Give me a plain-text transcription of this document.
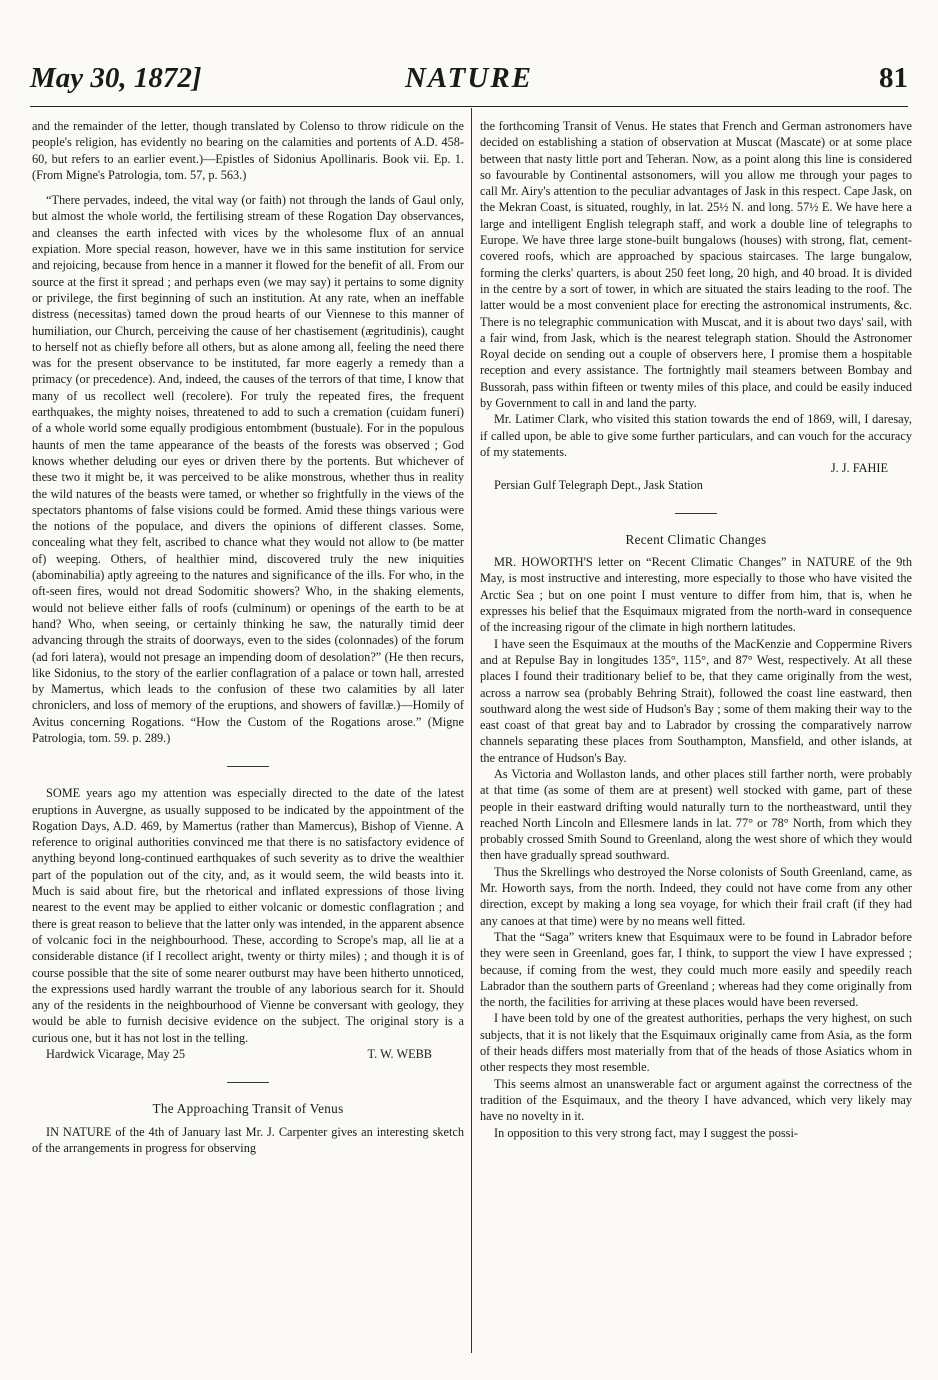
May 30, 1872]	NATURE	81

and the remainder of the letter, though translated by Colenso to throw ridicule on the people's religion, has evidently no bearing on the calamities and portents of A.D. 458-60, but refers to an earlier event.)—Epistles of Sidonius Apollinaris. Book vii. Ep. 1. (From Migne's Patrologia, tom. 57, p. 563.)

“There pervades, indeed, the vital way (or faith) not through the lands of Gaul only, but almost the whole world, the fertilising stream of these Rogation Day observances, and cleanses the earth infected with vices by the wholesome flux of an annual expiation. More special reason, however, have we in this same institution for service and rejoicing, because from hence in a manner it flowed for the benefit of all. From our source at the first it spread ; and perhaps even (we may say) it pertains to some dignity or privilege, the first beginning of such an institution. At any rate, when an ineffable distress (necessitas) tamed down the proud hearts of our Viennese to this manner of humiliation, our Church, perceiving the cause of her chastisement (ægritudinis), caught to herself not as chiefly before all others, but as alone among all, feeling the need there was for the present observance to be instituted, far more eagerly a remedy than a primacy (or precedence). And, indeed, the causes of the terrors of that time, I know that many of us recollect well (recolere). For truly the repeated fires, the frequent earthquakes, the mighty noises, threatened to add to such a cremation (cuidam funeri) of a whole world some equally prodigious entombment (bustuale). For in the populous haunts of men the tame appearance of the beasts of the forests was observed ; God knows whether deluding our eyes or driven there by the portents. But whichever of these two it might be, it was perceived to be alike monstrous, whether thus in reality the wild natures of the beasts were tamed, or whether so frightfully in the views of the spectators phantoms of false visions could be formed. Amid these things various were the notions of the populace, and divers the opinions of different classes. Some, concealing what they felt, ascribed to chance what they would not allow to (be matter of) weeping. Others, of healthier mind, discovered truly the new iniquities (abominabilia) aptly agreeing to the natures and significance of the ills. For who, in the oft-seen fires, would not dread Sodomitic showers? Who, in the shaking elements, would not believe either falls of roofs (culminum) or openings of the earth to be at hand? Who, when seeing, or certainly thinking he saw, the naturally timid deer advancing through the straits of doorways, even to the sides (colonnades) of the forum (ad fori latera), would not presage an impending doom of desolation?” (He then recurs, like Sidonius, to the story of the earlier conflagration of a palace or town hall, arrested by Mamertus, which leads to the confusion of these two calamities by all later chroniclers, and loss of memory of the eruptions, and showers of favillæ.)—Homily of Avitus concerning Rogations. “How the Custom of the Rogations arose.” (Migne Patrologia, tom. 59. p. 289.)

SOME years ago my attention was especially directed to the date of the latest eruptions in Auvergne, as usually supposed to be indicated by the appointment of the Rogation Days, A.D. 469, by Mamertus (rather than Mamercus), Bishop of Vienne. A reference to original authorities convinced me that there is no satisfactory evidence of anything beyond long-continued earthquakes of such severity as to drive the wealthier part of the population out of the city, and, as it would seem, the wild beasts into it. Much is said about fire, but the rhetorical and inflated expressions of those living nearest to the event may be applied to either volcanic or domestic conflagration ; and there is great reason to believe that the latter only was intended, in the apparent absence of volcanic foci in the neighbourhood. These, according to Scrope's map, all lie at a considerable distance (if I recollect aright, twenty or thirty miles) ; and though it is of course possible that the site of some nearer outburst may have been hitherto unnoticed, the expressions used hardly warrant the trouble of any laborious search for it. Should any of the residents in the neighbourhood of Vienne be conversant with geology, they would be able to furnish decisive evidence on the subject. The original story is a curious one, but it has not lost in the telling.

Hardwick Vicarage, May 25	T. W. WEBB
The Approaching Transit of Venus

IN NATURE of the 4th of January last Mr. J. Carpenter gives an interesting sketch of the arrangements in progress for observing

the forthcoming Transit of Venus. He states that French and German astronomers have decided on establishing a station of observation at Muscat (Mascate) or at some place between that nasty little port and Teheran. Now, as a point along this line is considered so favourable by Continental astsonomers, will you allow me through your pages to call Mr. Airy's attention to the peculiar advantages of Jask in this respect. Cape Jask, on the Mekran Coast, is situated, roughly, in lat. 25½ N. and long. 57½ E. We have here a large and intelligent English telegraph staff, and work a double line of telegraphs to Europe. We have three large stone-built bungalows (houses) with strong, flat, cement-covered roofs, which are approached by spacious staircases. The large bungalow, forming the clerks' quarters, is about 250 feet long, 20 high, and 40 broad. It is divided in the centre by a sort of tower, in which are situated the stairs leading to the roof. The latter would be a most convenient place for erecting the astronomical instruments, &c. There is no telegraphic communication with Muscat, and it is about two days' sail, with a fair wind, from Jask, which is the nearest telegraph station. Should the Astronomer Royal decide on sending out a couple of observers here, I promise them a hospitable reception and every assistance. The fortnightly mail steamers between Bombay and Bussorah, pass within fifteen or twenty miles of this place, and could be easily induced by Government to call in and land the party.

Mr. Latimer Clark, who visited this station towards the end of 1869, will, I daresay, if called upon, be able to give some further particulars, and can vouch for the accuracy of my statements.

J. J. FAHIE

Persian Gulf Telegraph Dept., Jask Station

Recent Climatic Changes

MR. HOWORTH'S letter on “Recent Climatic Changes” in NATURE of the 9th May, is most instructive and interesting, more especially to those who have visited the Arctic Sea ; but on one point I must venture to differ from him, that is, when he expresses his belief that the Esquimaux migrated from the north-ward in consequence of the increasing rigour of the climate in high northern latitudes.

I have seen the Esquimaux at the mouths of the MacKenzie and Coppermine Rivers and at Repulse Bay in longitudes 135°, 115°, and 87° West, respectively. At all these places I found their traditionary belief to be, that they came originally from the west, across a narrow sea (probably Behring Strait), followed the coast line eastward, then southward along the west side of Hudson's Bay ; some of them making their way to the east coast of that great bay and to Labrador by crossing the comparatively narrow channels separating these places from Southampton, Mansfield, and other islands, at the entrance of Hudson's Bay.

As Victoria and Wollaston lands, and other places still farther north, were probably at that time (as some of them are at present) well stocked with game, part of these people in their eastward drifting would naturally turn to the northeastward, until they reached North Lincoln and Ellesmere lands in lat. 77° or 78° North, from which they probably crossed Smith Sound to Greenland, along the west shore of which they would then have gradually spread southward.

Thus the Skrellings who destroyed the Norse colonists of South Greenland, came, as Mr. Howorth says, from the north. Indeed, they could not have come from any other direction, except by making a long sea voyage, for which their frail craft (if they had any canoes at that time) were by no means well fitted.

That the “Saga” writers knew that Esquimaux were to be found in Labrador before they were seen in Greenland, goes far, I think, to support the view I have expressed ; because, if coming from the west, they could much more easily and speedily reach Labrador than the southern parts of Greenland ; whereas had they come originally from the north, the facilities for arriving at these places would have been reversed.

I have been told by one of the greatest authorities, perhaps the very highest, on such subjects, that it is not likely that the Esquimaux originally came from Asia, as the form of their heads differs most materially from that of the heads of those Asiatics whom in other respects they most resemble.

This seems almost an unanswerable fact or argument against the correctness of the tradition of the Esquimaux, and the theory I have advanced, which very likely may have no novelty in it.

In opposition to this very strong fact, may I suggest the possi-
